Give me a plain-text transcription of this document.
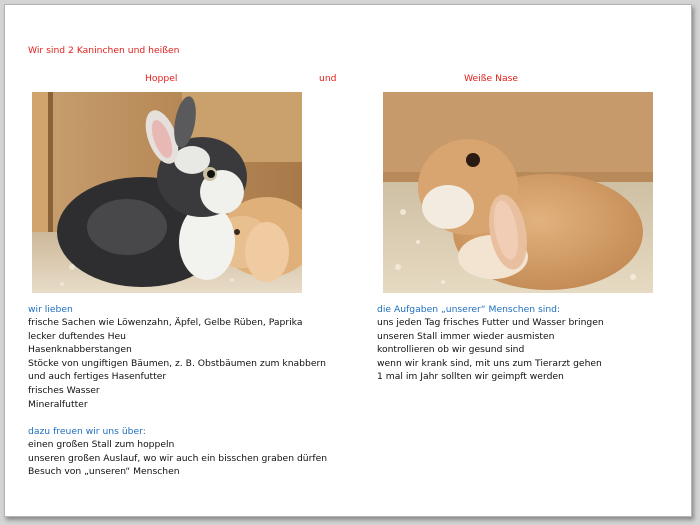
Wir sind 2 Kaninchen und heißen
Hoppel	und	Weiße Nase
wir lieben
frische Sachen wie Löwenzahn, Äpfel, Gelbe Rüben, Paprika
lecker duftendes Heu
Hasenknabberstangen
Stöcke von ungiftigen Bäumen, z. B. Obstbäumen zum knabbern
und auch fertiges Hasenfutter
frisches Wasser
Mineralfutter
dazu freuen wir uns über:
einen großen Stall zum hoppeln
unseren großen Auslauf, wo wir auch ein bisschen graben dürfen
Besuch von „unseren“ Menschen
die Aufgaben „unserer“ Menschen sind:
uns jeden Tag frisches Futter und Wasser bringen
unseren Stall immer wieder ausmisten
kontrollieren ob wir gesund sind
wenn wir krank sind, mit uns zum Tierarzt gehen
1 mal im Jahr sollten wir geimpft werden
